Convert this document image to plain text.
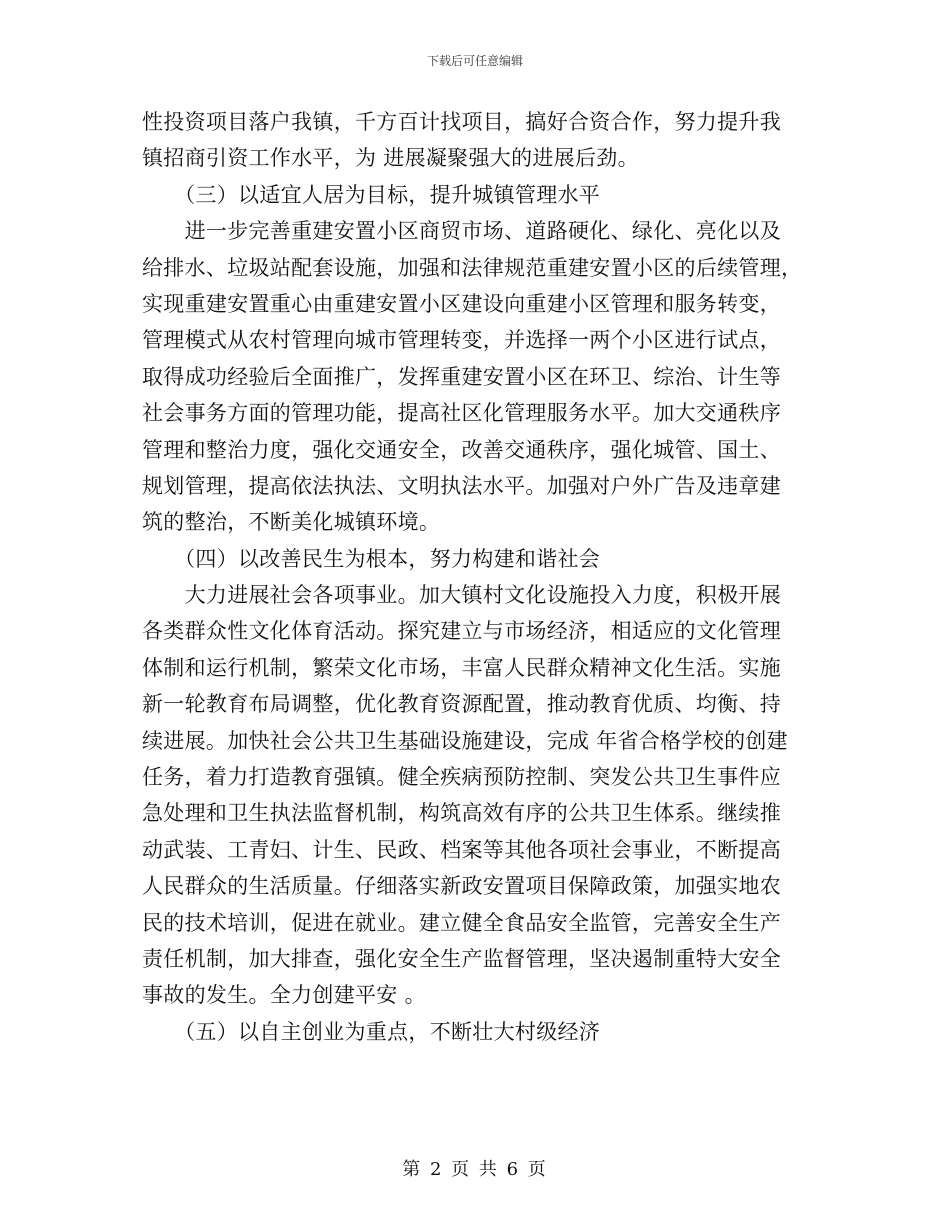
下载后可任意编辑
性投资项目落户我镇，千方百计找项目，搞好合资合作，努力提升我
镇招商引资工作水平，为 进展凝聚强大的进展后劲。
　　（三）以适宜人居为目标，提升城镇管理水平
　　进一步完善重建安置小区商贸市场、道路硬化、绿化、亮化以及
给排水、垃圾站配套设施，加强和法律规范重建安置小区的后续管理，
实现重建安置重心由重建安置小区建设向重建小区管理和服务转变，
管理模式从农村管理向城市管理转变，并选择一两个小区进行试点，
取得成功经验后全面推广，发挥重建安置小区在环卫、综治、计生等
社会事务方面的管理功能，提高社区化管理服务水平。加大交通秩序
管理和整治力度，强化交通安全，改善交通秩序，强化城管、国土、
规划管理，提高依法执法、文明执法水平。加强对户外广告及违章建
筑的整治，不断美化城镇环境。
　　（四）以改善民生为根本，努力构建和谐社会
　　大力进展社会各项事业。加大镇村文化设施投入力度，积极开展
各类群众性文化体育活动。探究建立与市场经济，相适应的文化管理
体制和运行机制，繁荣文化市场，丰富人民群众精神文化生活。实施
新一轮教育布局调整，优化教育资源配置，推动教育优质、均衡、持
续进展。加快社会公共卫生基础设施建设，完成 年省合格学校的创建
任务，着力打造教育强镇。健全疾病预防控制、突发公共卫生事件应
急处理和卫生执法监督机制，构筑高效有序的公共卫生体系。继续推
动武装、工青妇、计生、民政、档案等其他各项社会事业，不断提高
人民群众的生活质量。仔细落实新政安置项目保障政策，加强实地农
民的技术培训，促进在就业。建立健全食品安全监管，完善安全生产
责任机制，加大排查，强化安全生产监督管理，坚决遏制重特大安全
事故的发生。全力创建平安 。
　　（五）以自主创业为重点，不断壮大村级经济
第 2 页 共 6 页
